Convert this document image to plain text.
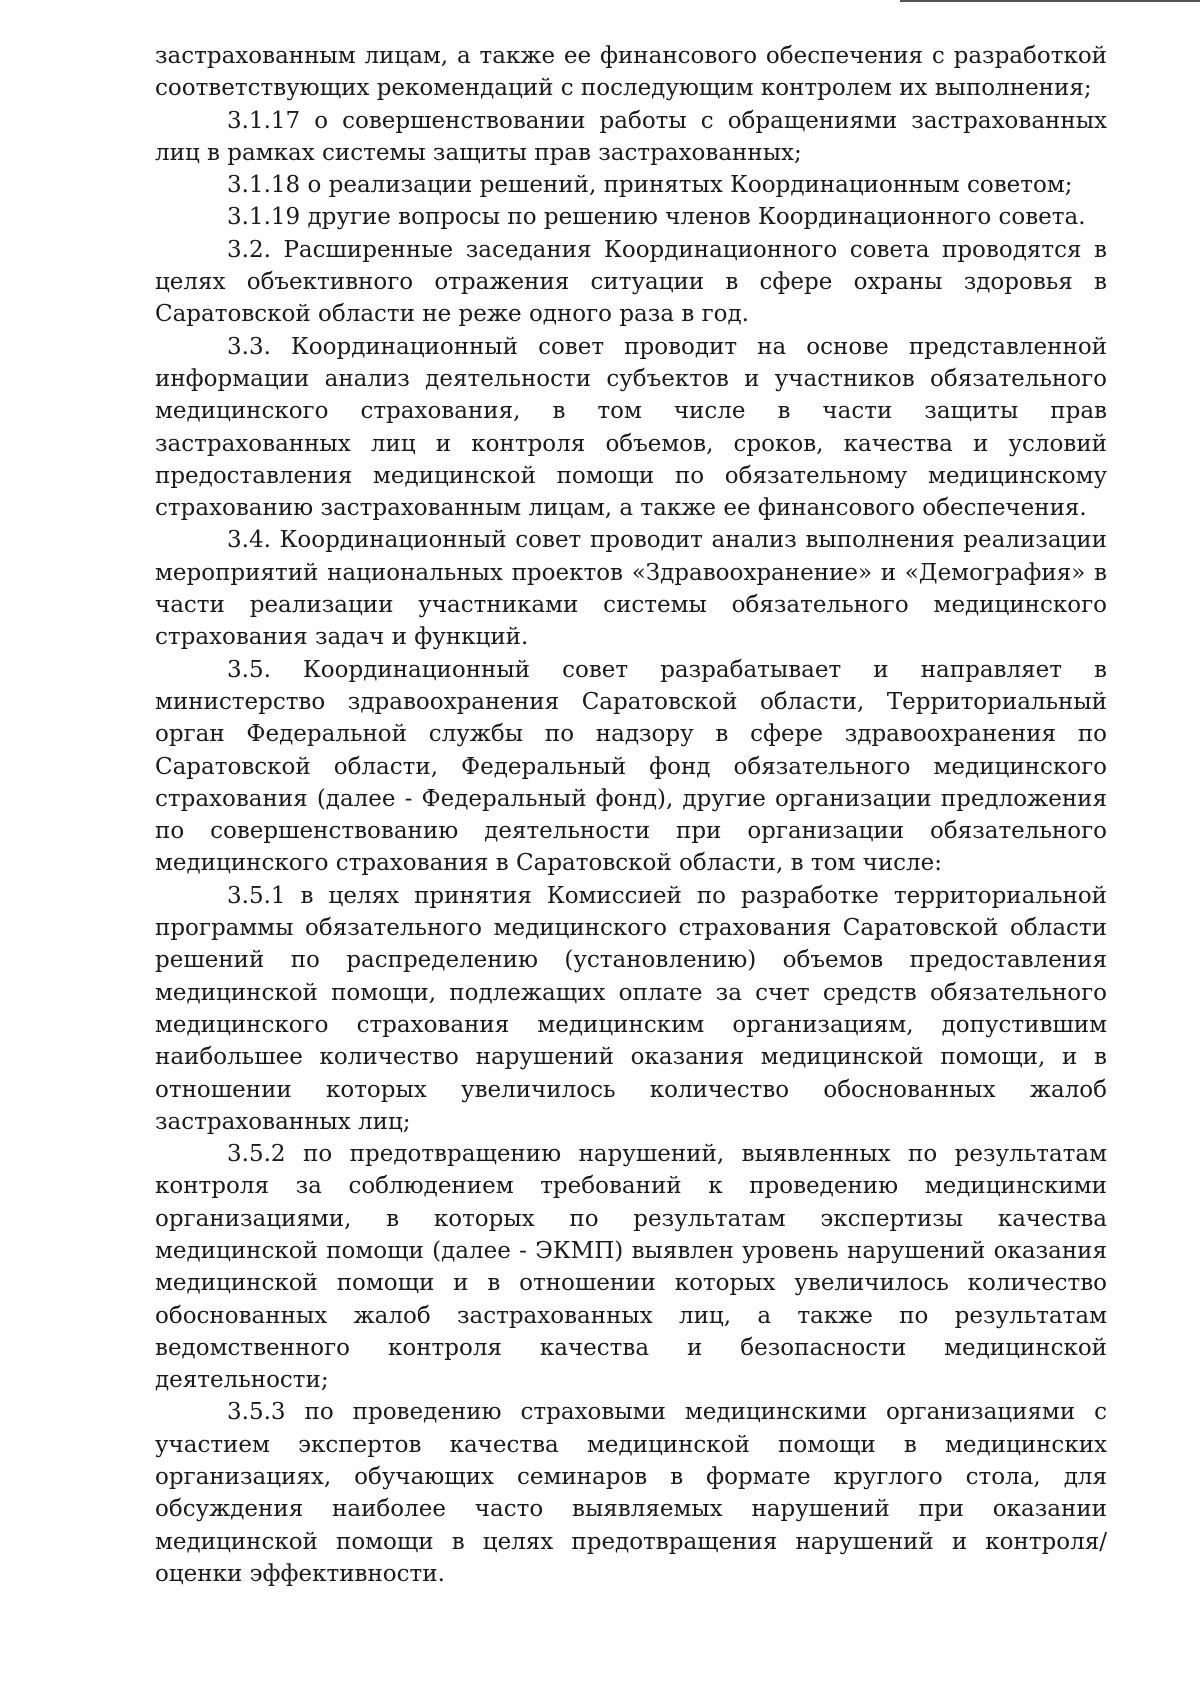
застрахованным лицам, а также ее финансового обеспечения с разработкой соответствующих рекомендаций с последующим контролем их выполнения;

3.1.17 о совершенствовании работы с обращениями застрахованных лиц в рамках системы защиты прав застрахованных;

3.1.18 о реализации решений, принятых Координационным советом;

3.1.19 другие вопросы по решению членов Координационного совета.

3.2. Расширенные заседания Координационного совета проводятся в целях объективного отражения ситуации в сфере охраны здоровья в Саратовской области не реже одного раза в год.

3.3. Координационный совет проводит на основе представленной информации анализ деятельности субъектов и участников обязательного медицинского страхования, в том числе в части защиты прав застрахованных лиц и контроля объемов, сроков, качества и условий предоставления медицинской помощи по обязательному медицинскому страхованию застрахованным лицам, а также ее финансового обеспечения.

3.4. Координационный совет проводит анализ выполнения реализации мероприятий национальных проектов «Здравоохранение» и «Демография» в части реализации участниками системы обязательного медицинского страхования задач и функций.

3.5. Координационный совет разрабатывает и направляет в министерство здравоохранения Саратовской области, Территориальный орган Федеральной службы по надзору в сфере здравоохранения по Саратовской области, Федеральный фонд обязательного медицинского страхования (далее - Федеральный фонд), другие организации предложения по совершенствованию деятельности при организации обязательного медицинского страхования в Саратовской области, в том числе:

3.5.1 в целях принятия Комиссией по разработке территориальной программы обязательного медицинского страхования Саратовской области решений по распределению (установлению) объемов предоставления медицинской помощи, подлежащих оплате за счет средств обязательного медицинского страхования медицинским организациям, допустившим наибольшее количество нарушений оказания медицинской помощи, и в отношении которых увеличилось количество обоснованных жалоб застрахованных лиц;

3.5.2 по предотвращению нарушений, выявленных по результатам контроля за соблюдением требований к проведению медицинскими организациями, в которых по результатам экспертизы качества медицинской помощи (далее - ЭКМП) выявлен уровень нарушений оказания медицинской помощи и в отношении которых увеличилось количество обоснованных жалоб застрахованных лиц, а также по результатам ведомственного контроля качества и безопасности медицинской деятельности;

3.5.3 по проведению страховыми медицинскими организациями с участием экспертов качества медицинской помощи в медицинских организациях, обучающих семинаров в формате круглого стола, для обсуждения наиболее часто выявляемых нарушений при оказании медицинской помощи в целях предотвращения нарушений и контроля/оценки эффективности.
